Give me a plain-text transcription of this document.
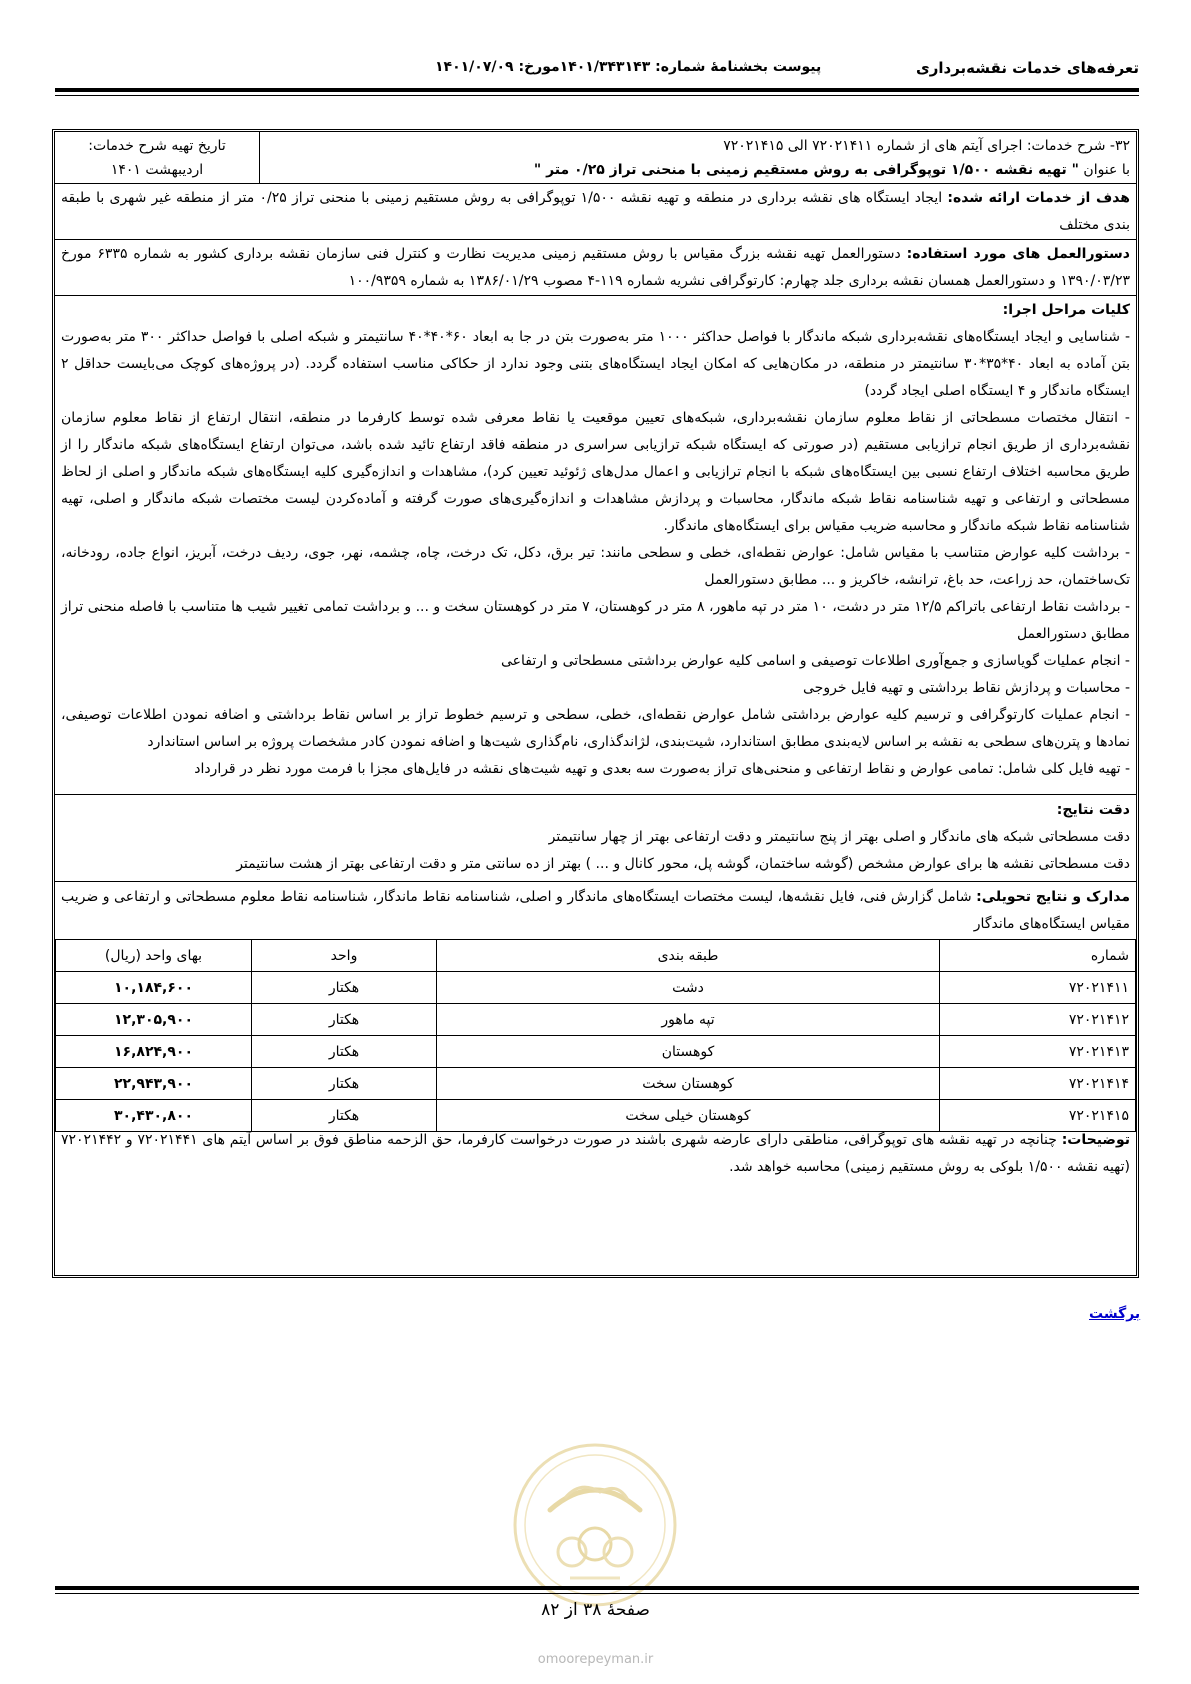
تعرفه‌های خدمات نقشه‌برداری
پیوست بخشنامهٔ شماره: ۱۴۰۱/۳۴۳۱۴۳مورخ: ۱۴۰۱/۰۷/۰۹
۳۲- شرح خدمات: اجرای آیتم های از شماره ۷۲۰۲۱۴۱۱ الی ۷۲۰۲۱۴۱۵
با عنوان " تهیه نقشه ۱/۵۰۰ توپوگرافی به روش مستقیم زمینی با منحنی تراز ۰/۲۵ متر "
تاریخ تهیه شرح خدمات:
اردیبهشت ۱۴۰۱
هدف از خدمات ارائه شده: ایجاد ایستگاه های نقشه برداری در منطقه و تهیه نقشه ۱/۵۰۰ توپوگرافی به روش مستقیم زمینی با منحنی تراز ۰/۲۵ متر از منطقه غیر شهری با طبقه بندی مختلف
دستورالعمل های مورد استفاده: دستورالعمل تهیه نقشه بزرگ مقیاس با روش مستقیم زمینی مدیریت نظارت و کنترل فنی سازمان نقشه برداری کشور به شماره ۶۳۳۵ مورخ ۱۳۹۰/۰۳/۲۳ و دستورالعمل همسان نقشه برداری جلد چهارم: کارتوگرافی نشریه شماره ۱۱۹-۴ مصوب ۱۳۸۶/۰۱/۲۹ به شماره ۱۰۰/۹۳۵۹
کلیات مراحل اجرا:
- شناسایی و ایجاد ایستگاه‌های نقشه‌برداری شبکه ماندگار با فواصل حداکثر ۱۰۰۰ متر به‌صورت بتن در جا به ابعاد ۶۰*۴۰*۴۰ سانتیمتر و شبکه اصلی با فواصل حداکثر ۳۰۰ متر به‌صورت بتن آماده به ابعاد ۴۰*۳۵*۳۰ سانتیمتر در منطقه، در مکان‌هایی که امکان ایجاد ایستگاه‌های بتنی وجود ندارد از حکاکی مناسب استفاده گردد. (در پروژه‌های کوچک می‌بایست حداقل ۲ ایستگاه ماندگار و ۴ ایستگاه اصلی ایجاد گردد)
- انتقال مختصات مسطحاتی از نقاط معلوم سازمان نقشه‌برداری، شبکه‌های تعیین موقعیت یا نقاط معرفی شده توسط کارفرما در منطقه، انتقال ارتفاع از نقاط معلوم سازمان نقشه‌برداری از طریق انجام ترازیابی مستقیم (در صورتی که ایستگاه شبکه ترازیابی سراسری در منطقه فاقد ارتفاع تائید شده باشد، می‌توان ارتفاع ایستگاه‌های شبکه ماندگار را از طریق محاسبه اختلاف ارتفاع نسبی بین ایستگاه‌های شبکه با انجام ترازیابی و اعمال مدل‌های ژئوئید تعیین کرد)، مشاهدات و اندازه‌گیری کلیه ایستگاه‌های شبکه ماندگار و اصلی از لحاظ مسطحاتی و ارتفاعی و تهیه شناسنامه نقاط شبکه ماندگار، محاسبات و پردازش مشاهدات و اندازه‌گیری‌های صورت گرفته و آماده‌کردن لیست مختصات شبکه ماندگار و اصلی، تهیه شناسنامه نقاط شبکه ماندگار و محاسبه ضریب مقیاس برای ایستگاه‌های ماندگار.
- برداشت کلیه عوارض متناسب با مقیاس شامل: عوارض نقطه‌ای، خطی و سطحی مانند: تیر برق، دکل، تک درخت، چاه، چشمه، نهر، جوی، ردیف درخت، آبریز، انواع جاده، رودخانه، تک‌ساختمان، حد زراعت، حد باغ، ترانشه، خاکریز و ... مطابق دستورالعمل
- برداشت نقاط ارتفاعی باتراکم ۱۲/۵ متر در دشت، ۱۰ متر در تپه ماهور، ۸ متر در کوهستان، ۷ متر در کوهستان سخت و ... و برداشت تمامی تغییر شیب ها متناسب با فاصله منحنی تراز مطابق دستورالعمل
- انجام عملیات گویاسازی و جمع‌آوری اطلاعات توصیفی و اسامی کلیه عوارض برداشتی مسطحاتی و ارتفاعی
- محاسبات و پردازش نقاط برداشتی و تهیه فایل خروجی
- انجام عملیات کارتوگرافی و ترسیم کلیه عوارض برداشتی شامل عوارض نقطه‌ای، خطی، سطحی و ترسیم خطوط تراز بر اساس نقاط برداشتی و اضافه نمودن اطلاعات توصیفی، نمادها و پترن‌های سطحی به نقشه بر اساس لایه‌بندی مطابق استاندارد، شیت‌بندی، لژاندگذاری، نام‌گذاری شیت‌ها و اضافه نمودن کادر مشخصات پروژه بر اساس استاندارد
- تهیه فایل کلی شامل: تمامی عوارض و نقاط ارتفاعی و منحنی‌های تراز به‌صورت سه بعدی و تهیه شیت‌های نقشه در فایل‌های مجزا با فرمت مورد نظر در قرارداد
دقت نتایج:
دقت مسطحاتی شبکه های ماندگار و اصلی بهتر از پنج سانتیمتر و دقت ارتفاعی بهتر از چهار سانتیمتر
دقت مسطحاتی نقشه ها برای عوارض مشخص (گوشه ساختمان، گوشه پل، محور کانال و ... ) بهتر از ده سانتی متر و دقت ارتفاعی بهتر از هشت سانتیمتر
مدارک و نتایج تحویلی: شامل گزارش فنی، فایل نقشه‌ها، لیست مختصات ایستگاه‌های ماندگار و اصلی، شناسنامه نقاط ماندگار، شناسنامه نقاط معلوم مسطحاتی و ارتفاعی و ضریب مقیاس ایستگاه‌های ماندگار
شماره	طبقه بندی	واحد	بهای واحد (ریال)
۷۲۰۲۱۴۱۱	دشت	هکتار	۱۰,۱۸۴,۶۰۰
۷۲۰۲۱۴۱۲	تپه ماهور	هکتار	۱۲,۳۰۵,۹۰۰
۷۲۰۲۱۴۱۳	کوهستان	هکتار	۱۶,۸۲۴,۹۰۰
۷۲۰۲۱۴۱۴	کوهستان سخت	هکتار	۲۲,۹۴۳,۹۰۰
۷۲۰۲۱۴۱۵	کوهستان خیلی سخت	هکتار	۳۰,۴۳۰,۸۰۰
توضیحات: چنانچه در تهیه نقشه های توپوگرافی، مناطقی دارای عارضه شهری باشند در صورت درخواست کارفرما، حق الزحمه مناطق فوق بر اساس آیتم های ۷۲۰۲۱۴۴۱ و ۷۲۰۲۱۴۴۲ (تهیه نقشه ۱/۵۰۰ بلوکی به روش مستقیم زمینی) محاسبه خواهد شد.
برگشت
صفحهٔ ۳۸ از ۸۲
omoorepeyman.ir
